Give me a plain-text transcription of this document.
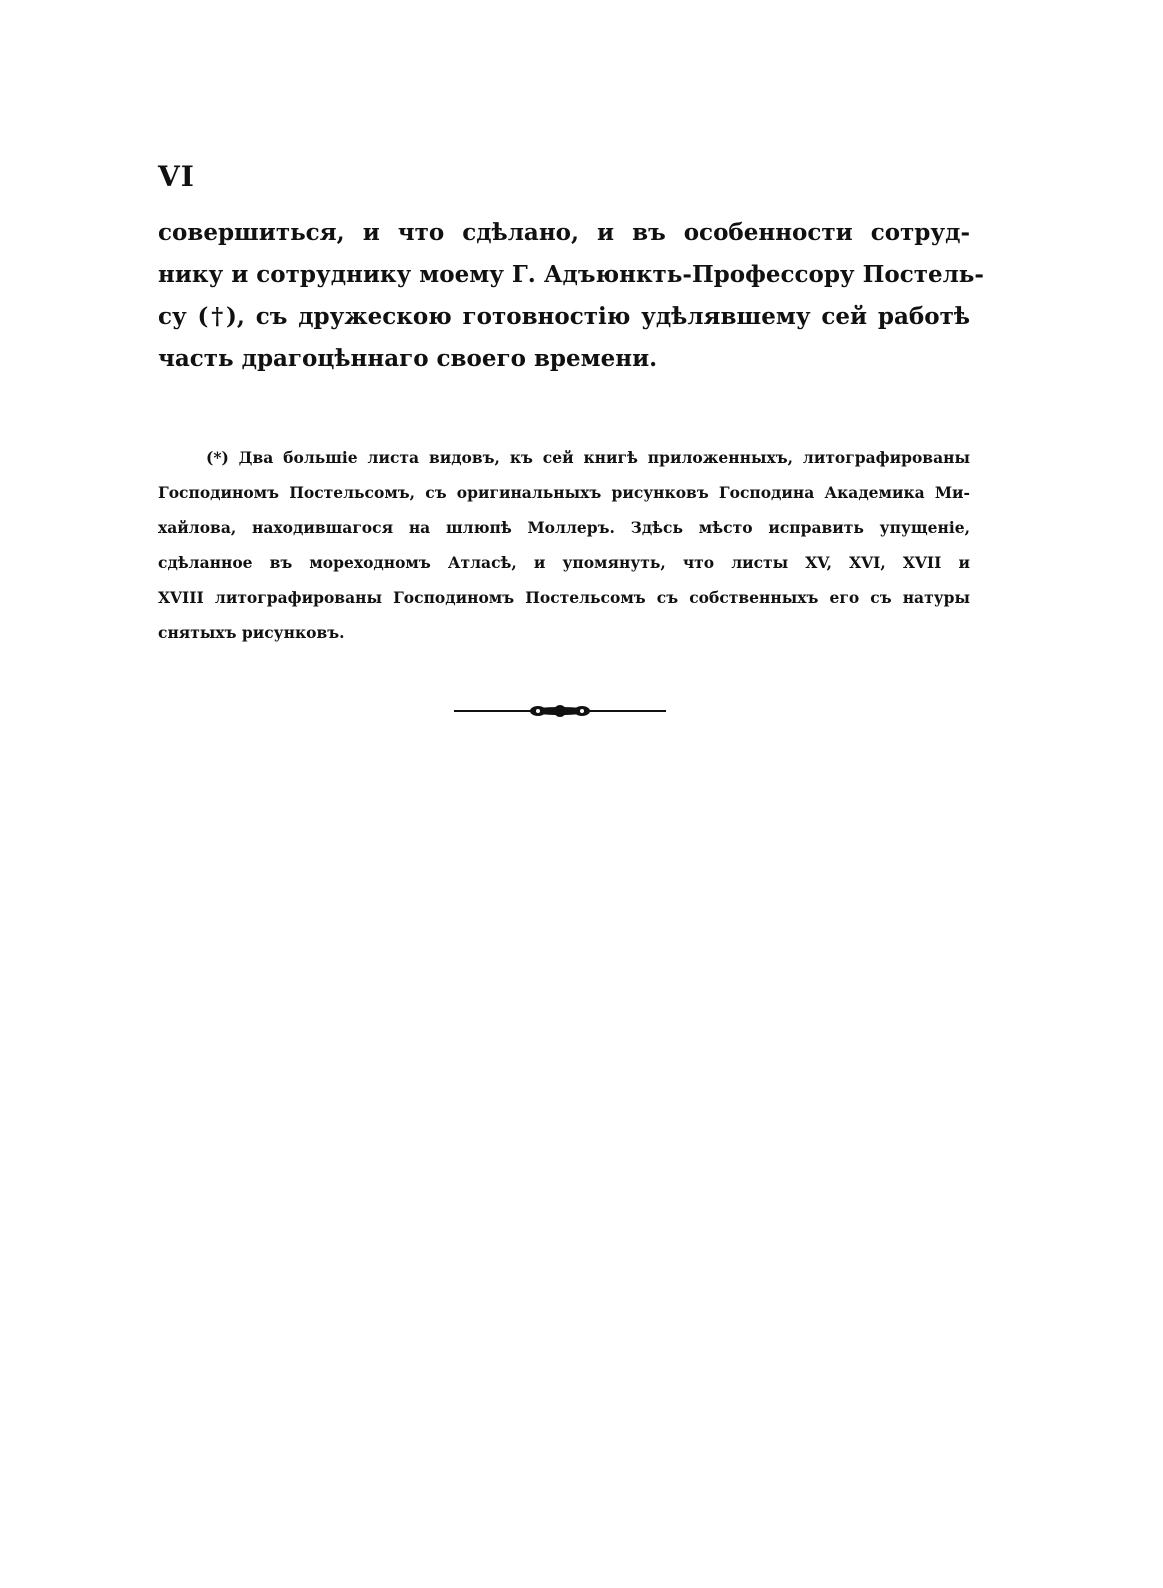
VI
совершиться, и что сдѣлано, и въ особенности сотруд-
нику и сотруднику моему Г. Адъюнкть-Профессору Постель-
су (†), съ дружескою готовностію удѣлявшему сей работѣ
часть драгоцѣннаго своего времени.
(*) Два большіе листа видовъ, къ сей книгѣ приложенныхъ, литографированы
Господиномъ Постельсомъ, съ оригинальныхъ рисунковъ Господина Академика Ми-
хайлова, находившагося на шлюпѣ Моллеръ. Здѣсь мѣсто исправить упущеніе,
сдѣланное въ мореходномъ Атласѣ, и упомянуть, что листы XV, XVI, XVII и
XVIII литографированы Господиномъ Постельсомъ съ собственныхъ его съ натуры
снятыхъ рисунковъ.
